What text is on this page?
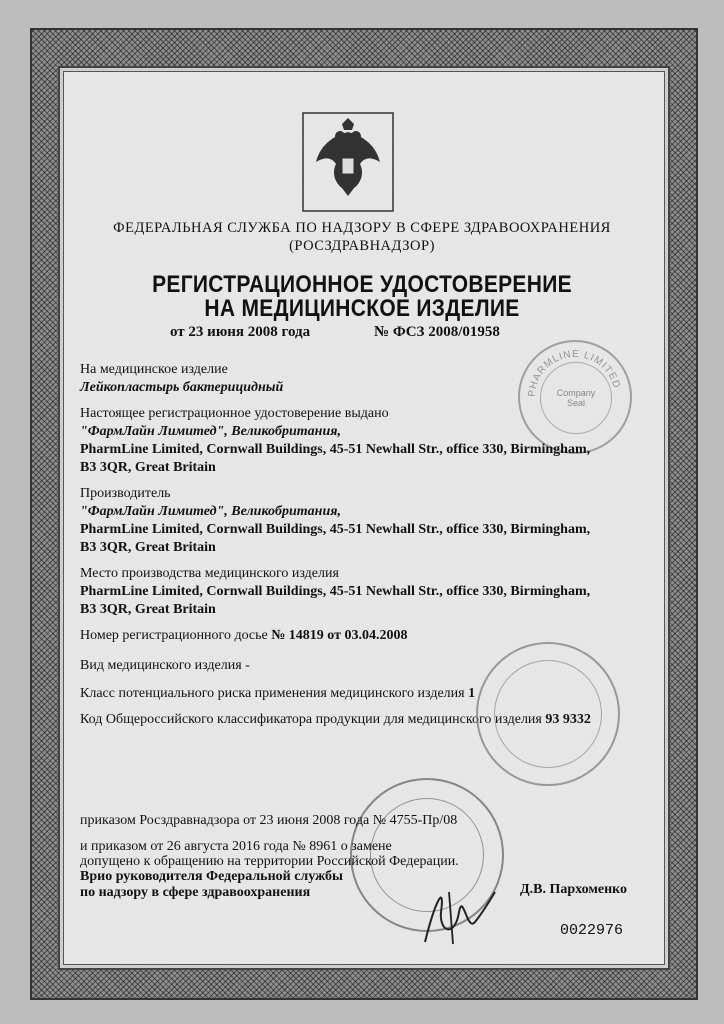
ФЕДЕРАЛЬНАЯ СЛУЖБА ПО НАДЗОРУ В СФЕРЕ ЗДРАВООХРАНЕНИЯ
(РОСЗДРАВНАДЗОР)
РЕГИСТРАЦИОННОЕ УДОСТОВЕРЕНИЕ
НА МЕДИЦИНСКОЕ ИЗДЕЛИЕ
от 23 июня 2008 года	№ ФСЗ 2008/01958
PHARMLINE LIMITED
Company
Seal
На медицинское изделие
Лейкопластырь бактерицидный
Настоящее регистрационное удостоверение выдано
"ФармЛайн Лимитед", Великобритания,
PharmLine Limited, Cornwall Buildings, 45-51 Newhall Str., office 330, Birmingham,
B3 3QR, Great Britain
Производитель
"ФармЛайн Лимитед", Великобритания,
PharmLine Limited, Cornwall Buildings, 45-51 Newhall Str., office 330, Birmingham,
B3 3QR, Great Britain
Место производства медицинского изделия
PharmLine Limited, Cornwall Buildings, 45-51 Newhall Str., office 330, Birmingham,
B3 3QR, Great Britain
Номер регистрационного досье № 14819 от 03.04.2008
Вид медицинского изделия -
Класс потенциального риска применения медицинского изделия 1
Код Общероссийского классификатора продукции для медицинского изделия 93 9332
приказом Росздравнадзора от 23 июня 2008 года № 4755-Пр/08
и приказом от 26 августа 2016 года № 8961 о замене
допущено к обращению на территории Российской Федерации.
Врио руководителя Федеральной службы
по надзору в сфере здравоохранения	Д.В. Пархоменко
0022976
